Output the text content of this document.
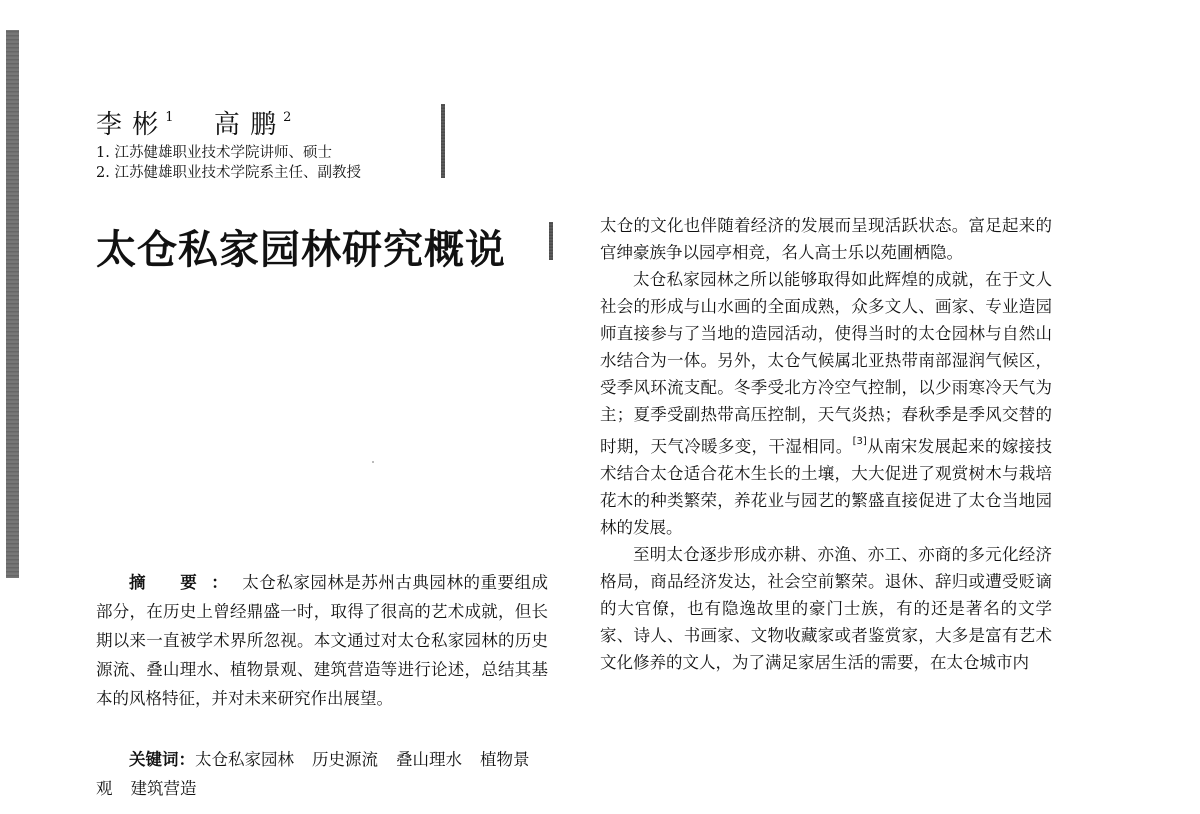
李 彬 $^1$ 高 鹏 $^2$
1. 江苏健雄职业技术学院讲师、硕士
2. 江苏健雄职业技术学院系主任、副教授
太仓私家园林研究概说

摘 要：太仓私家园林是苏州古典园林的重要组成部分，在历史上曾经鼎盛一时，取得了很高的艺术成就，但长期以来一直被学术界所忽视。本文通过对太仓私家园林的历史源流、叠山理水、植物景观、建筑营造等进行论述，总结其基本的风格特征，并对未来研究作出展望。

关键词：太仓私家园林 历史源流 叠山理水 植物景观 建筑营造

太仓的文化也伴随着经济的发展而呈现活跃状态。富足起来的官绅豪族争以园亭相竞，名人高士乐以苑圃栖隐。

太仓私家园林之所以能够取得如此辉煌的成就，在于文人社会的形成与山水画的全面成熟，众多文人、画家、专业造园师直接参与了当地的造园活动，使得当时的太仓园林与自然山水结合为一体。另外，太仓气候属北亚热带南部湿润气候区，受季风环流支配。冬季受北方冷空气控制，以少雨寒冷天气为主；夏季受副热带高压控制，天气炎热；春秋季是季风交替的时期，天气冷暖多变，干湿相同。[3]从南宋发展起来的嫁接技术结合太仓适合花木生长的土壤，大大促进了观赏树木与栽培花木的种类繁荣，养花业与园艺的繁盛直接促进了太仓当地园林的发展。

至明太仓逐步形成亦耕、亦渔、亦工、亦商的多元化经济格局，商品经济发达，社会空前繁荣。退休、辞归或遭受贬谪的大官僚，也有隐逸故里的豪门士族，有的还是著名的文学家、诗人、书画家、文物收藏家或者鉴赏家，大多是富有艺术文化修养的文人，为了满足家居生活的需要，在太仓城市内
